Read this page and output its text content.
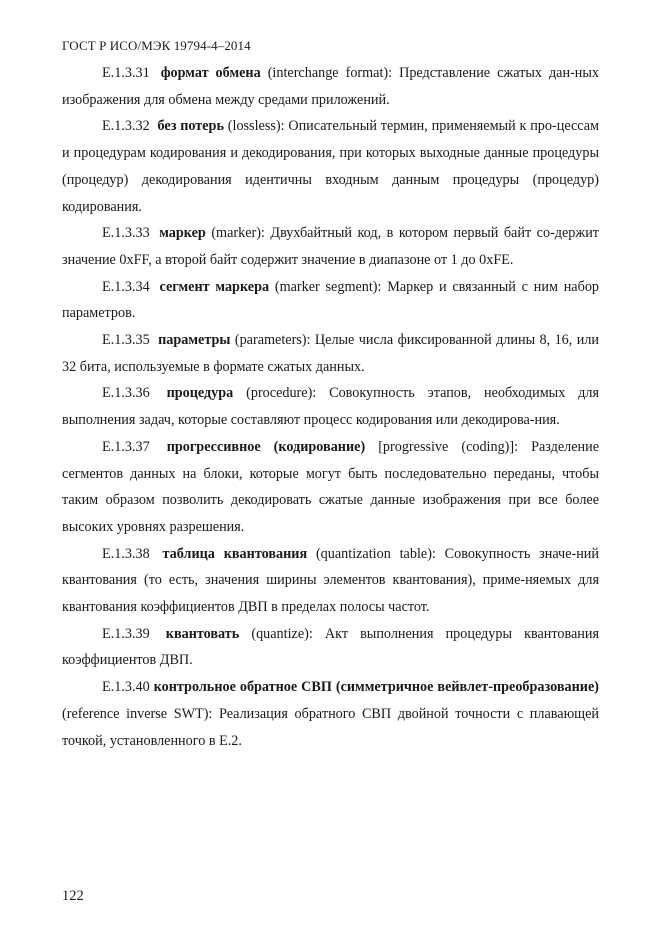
ГОСТ Р ИСО/МЭК 19794-4–2014

E.1.3.31 формат обмена (interchange format): Представление сжатых дан-ных изображения для обмена между средами приложений.

E.1.3.32 без потерь (lossless): Описательный термин, применяемый к про-цессам и процедурам кодирования и декодирования, при которых выходные данные процедуры (процедур) декодирования идентичны входным данным процедуры (процедур) кодирования.

E.1.3.33 маркер (marker): Двухбайтный код, в котором первый байт со-держит значение 0xFF, а второй байт содержит значение в диапазоне от 1 до 0xFE.

E.1.3.34 сегмент маркера (marker segment): Маркер и связанный с ним набор параметров.

E.1.3.35 параметры (parameters): Целые числа фиксированной длины 8, 16, или 32 бита, используемые в формате сжатых данных.

E.1.3.36 процедура (procedure): Совокупность этапов, необходимых для выполнения задач, которые составляют процесс кодирования или декодирова-ния.

E.1.3.37 прогрессивное (кодирование) [progressive (coding)]: Разделение сегментов данных на блоки, которые могут быть последовательно переданы, чтобы таким образом позволить декодировать сжатые данные изображения при все более высоких уровнях разрешения.

E.1.3.38 таблица квантования (quantization table): Совокупность значе-ний квантования (то есть, значения ширины элементов квантования), приме-няемых для квантования коэффициентов ДВП в пределах полосы частот.

E.1.3.39 квантовать (quantize): Акт выполнения процедуры квантования коэффициентов ДВП.

E.1.3.40 контрольное обратное СВП (симметричное вейвлет-преобразование) (reference inverse SWT): Реализация обратного СВП двойной точности с плавающей точкой, установленного в E.2.

122
